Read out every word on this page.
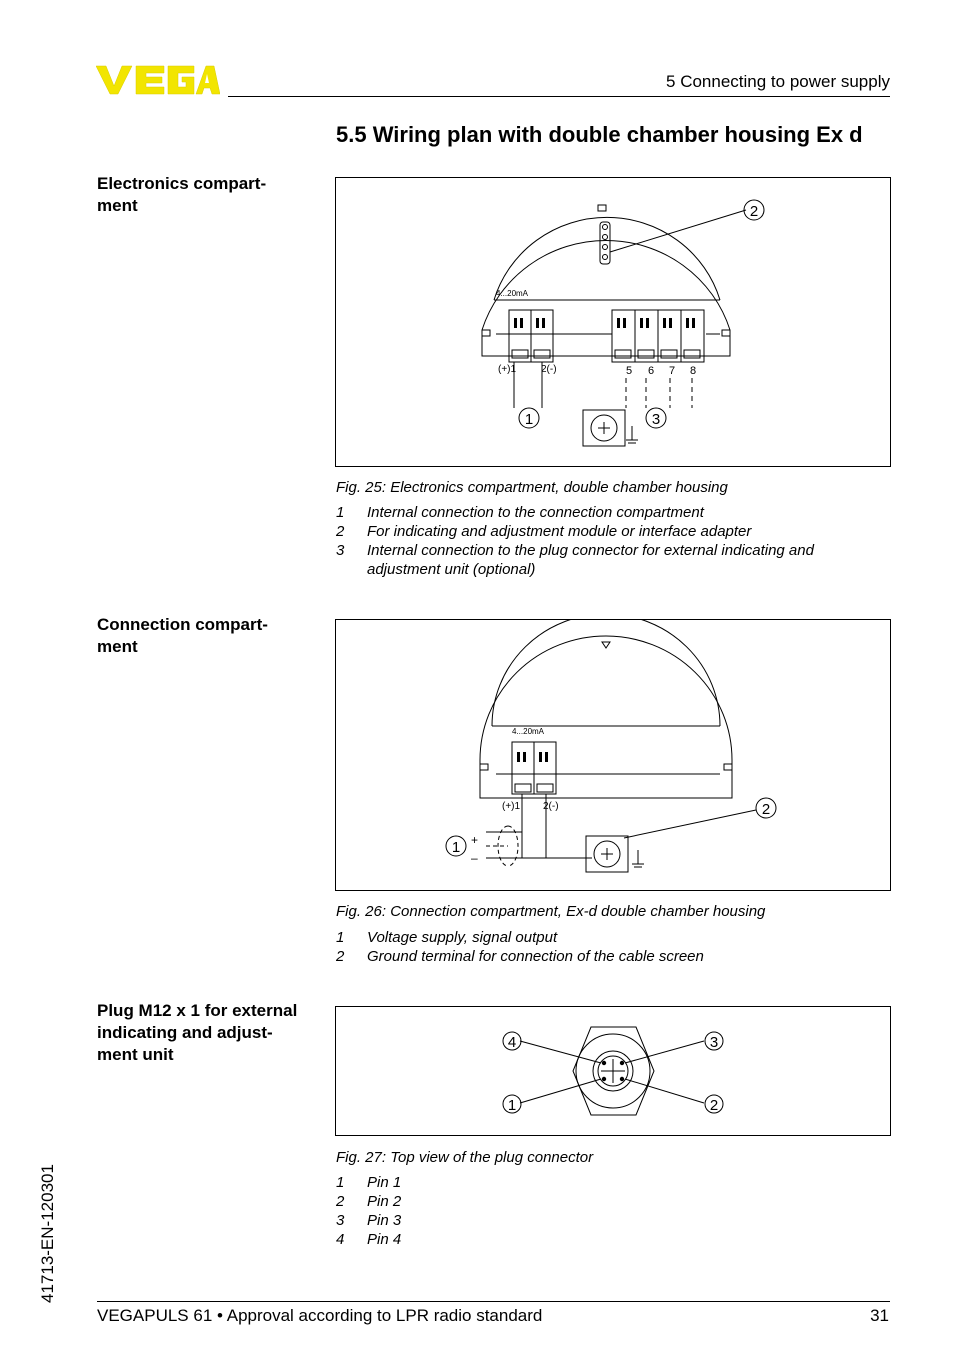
5 Connecting to power supply
5.5 Wiring plan with double chamber housing Ex d
Electronics compart-
ment
4...20mA
(+)1 2(-)	5 6 7 8
1
2
3
Fig. 25: Electronics compartment, double chamber housing
1	Internal connection to the connection compartment
2	For indicating and adjustment module or interface adapter
3	Internal connection to the plug connector for external indicating and adjustment unit (optional)
Connection compart-
ment
4...20mA
(+)1 2(-)
+
–
1
2
Fig. 26: Connection compartment, Ex-d double chamber housing
1	Voltage supply, signal output
2	Ground terminal for connection of the cable screen
Plug M12 x 1 for external indicating and adjust-
ment unit
4	3
1	2
Fig. 27: Top view of the plug connector
1	Pin 1
2	Pin 2
3	Pin 3
4	Pin 4
41713-EN-120301
VEGAPULS 61 • Approval according to LPR radio standard	31
